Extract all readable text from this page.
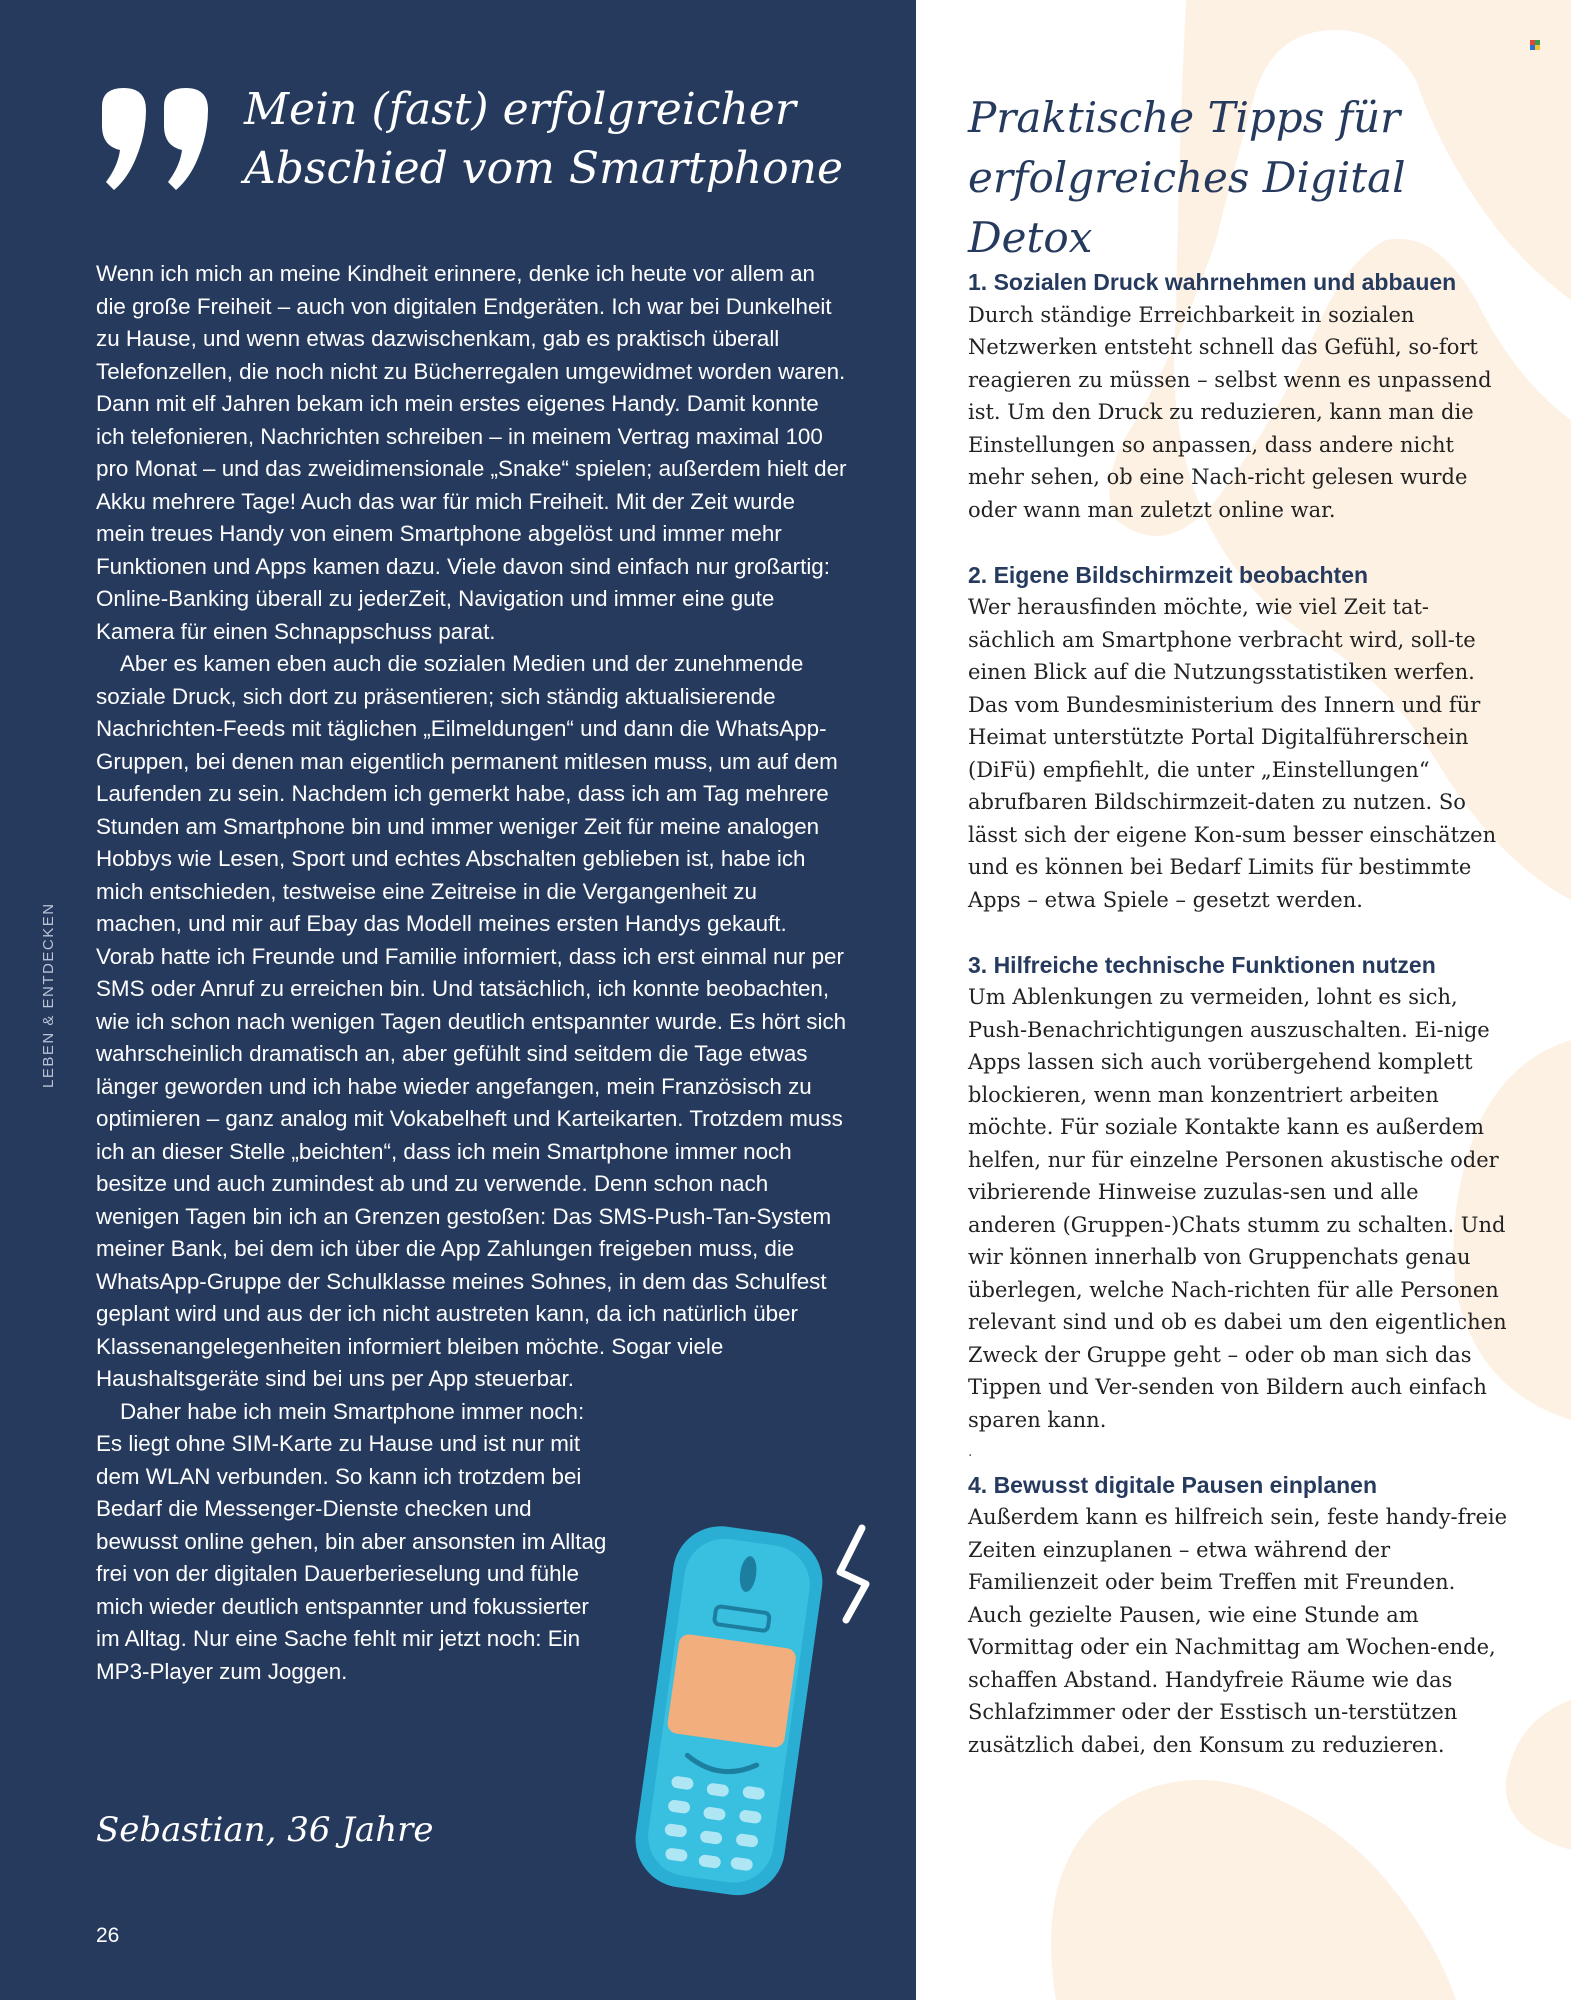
Mein (fast) erfolgreicher
Abschied vom Smartphone
LEBEN & ENTDECKEN

Wenn ich mich an meine Kindheit erinnere, denke ich heute vor allem an die große Freiheit – auch von digitalen Endgeräten. Ich war bei Dunkelheit zu Hause, und wenn etwas dazwischenkam, gab es praktisch überall Telefonzellen, die noch nicht zu Bücherregalen umgewidmet worden waren. Dann mit elf Jahren bekam ich mein erstes eigenes Handy. Damit konnte ich telefonieren, Nachrichten schreiben – in meinem Vertrag maximal 100 pro Monat – und das zweidimensionale „Snake“ spielen; außerdem hielt der Akku mehrere Tage! Auch das war für mich Freiheit. Mit der Zeit wurde mein treues Handy von einem Smartphone abgelöst und immer mehr Funktionen und Apps kamen dazu. Viele davon sind einfach nur großartig: Online-Banking überall zu jederZeit, Navigation und immer eine gute Kamera für einen Schnappschuss parat.

Aber es kamen eben auch die sozialen Medien und der zunehmende soziale Druck, sich dort zu präsentieren; sich ständig aktualisierende Nachrichten-Feeds mit täglichen „Eilmeldungen“ und dann die WhatsApp-Gruppen, bei denen man eigentlich permanent mitlesen muss, um auf dem Laufenden zu sein. Nachdem ich gemerkt habe, dass ich am Tag mehrere Stunden am Smartphone bin und immer weniger Zeit für meine analogen Hobbys wie Lesen, Sport und echtes Abschalten geblieben ist, habe ich mich entschieden, testweise eine Zeitreise in die Vergangenheit zu machen, und mir auf Ebay das Modell meines ersten Handys gekauft. Vorab hatte ich Freunde und Familie informiert, dass ich erst einmal nur per SMS oder Anruf zu erreichen bin. Und tatsächlich, ich konnte beobachten, wie ich schon nach wenigen Tagen deutlich entspannter wurde. Es hört sich wahrscheinlich dramatisch an, aber gefühlt sind seitdem die Tage etwas länger geworden und ich habe wieder angefangen, mein Französisch zu optimieren – ganz analog mit Vokabelheft und Karteikarten. Trotzdem muss ich an dieser Stelle „beichten“, dass ich mein Smartphone immer noch besitze und auch zumindest ab und zu verwende. Denn schon nach wenigen Tagen bin ich an Grenzen gestoßen: Das SMS-Push-Tan-System meiner Bank, bei dem ich über die App Zahlungen freigeben muss, die WhatsApp-Gruppe der Schulklasse meines Sohnes, in dem das Schulfest geplant wird und aus der ich nicht austreten kann, da ich natürlich über Klassenangelegenheiten informiert bleiben möchte. Sogar viele Haushaltsgeräte sind bei uns per App steuerbar.

Daher habe ich mein Smartphone immer noch: Es liegt ohne SIM-Karte zu Hause und ist nur mit dem WLAN verbunden. So kann ich trotzdem bei Bedarf die Messenger-Dienste checken und bewusst online gehen, bin aber ansonsten im Alltag frei von der digitalen Dauerberieselung und fühle mich wieder deutlich entspannter und fokussierter im Alltag. Nur eine Sache fehlt mir jetzt noch: Ein MP3-Player zum Joggen.

Sebastian, 36 Jahre

26
Praktische Tipps für
erfolgreiches Digital Detox

1. Sozialen Druck wahrnehmen und abbauen

Durch ständige Erreichbarkeit in sozialen Netzwerken entsteht schnell das Gefühl, so-fort reagieren zu müssen – selbst wenn es unpassend ist. Um den Druck zu reduzieren, kann man die Einstellungen so anpassen, dass andere nicht mehr sehen, ob eine Nach-richt gelesen wurde oder wann man zuletzt online war.

2. Eigene Bildschirmzeit beobachten

Wer herausfinden möchte, wie viel Zeit tat-sächlich am Smartphone verbracht wird, soll-te einen Blick auf die Nutzungsstatistiken werfen. Das vom Bundesministerium des Innern und für Heimat unterstützte Portal Digitalführerschein (DiFü) empfiehlt, die unter „Einstellungen“ abrufbaren Bildschirmzeit-daten zu nutzen. So lässt sich der eigene Kon-sum besser einschätzen und es können bei Bedarf Limits für bestimmte Apps – etwa Spiele – gesetzt werden.

3. Hilfreiche technische Funktionen nutzen

Um Ablenkungen zu vermeiden, lohnt es sich, Push-Benachrichtigungen auszuschalten. Ei-nige Apps lassen sich auch vorübergehend komplett blockieren, wenn man konzentriert arbeiten möchte. Für soziale Kontakte kann es außerdem helfen, nur für einzelne Personen akustische oder vibrierende Hinweise zuzulas-sen und alle anderen (Gruppen-)Chats stumm zu schalten. Und wir können innerhalb von Gruppenchats genau überlegen, welche Nach-richten für alle Personen relevant sind und ob es dabei um den eigentlichen Zweck der Gruppe geht – oder ob man sich das Tippen und Ver-senden von Bildern auch einfach sparen kann.

.

4. Bewusst digitale Pausen einplanen

Außerdem kann es hilfreich sein, feste handy-freie Zeiten einzuplanen – etwa während der Familienzeit oder beim Treffen mit Freunden. Auch gezielte Pausen, wie eine Stunde am Vormittag oder ein Nachmittag am Wochen-ende, schaffen Abstand. Handyfreie Räume wie das Schlafzimmer oder der Esstisch un-terstützen zusätzlich dabei, den Konsum zu reduzieren.
